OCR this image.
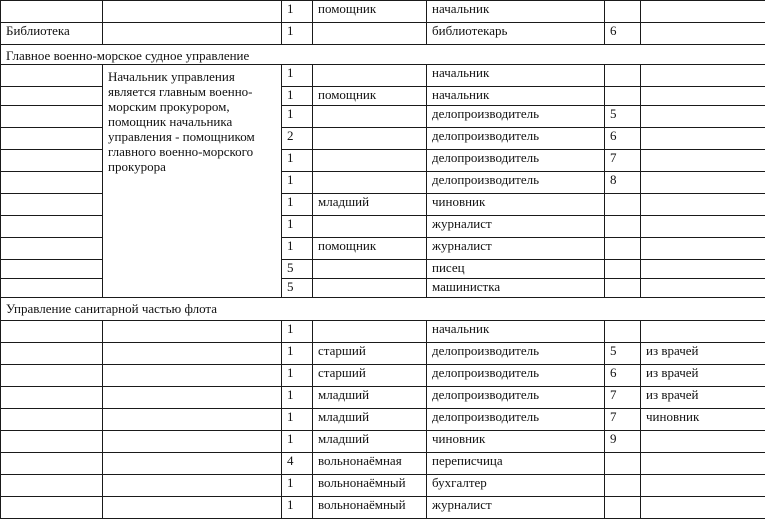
		1	помощник	начальник		
Библиотека		1		библиотекарь	6	
Главное военно-морское судное управление						
	Начальник управления является главным военно-морским прокурором, помощник начальника управления - помощником главного военно-морского прокурора	1		начальник		
		1	помощник	начальник		
		1		делопроизводитель	5	
		2		делопроизводитель	6	
		1		делопроизводитель	7	
		1		делопроизводитель	8	
		1	младший	чиновник		
		1		журналист		
		1	помощник	журналист		
		5		писец		
		5		машинистка		
Управление санитарной частью флота						
		1		начальник		
		1	старший	делопроизводитель	5	из врачей
		1	старший	делопроизводитель	6	из врачей
		1	младший	делопроизводитель	7	из врачей
		1	младший	делопроизводитель	7	чиновник
		1	младший	чиновник	9	
		4	вольнонаёмная	переписчица		
		1	вольнонаёмный	бухгалтер		
		1	вольнонаёмный	журналист		
